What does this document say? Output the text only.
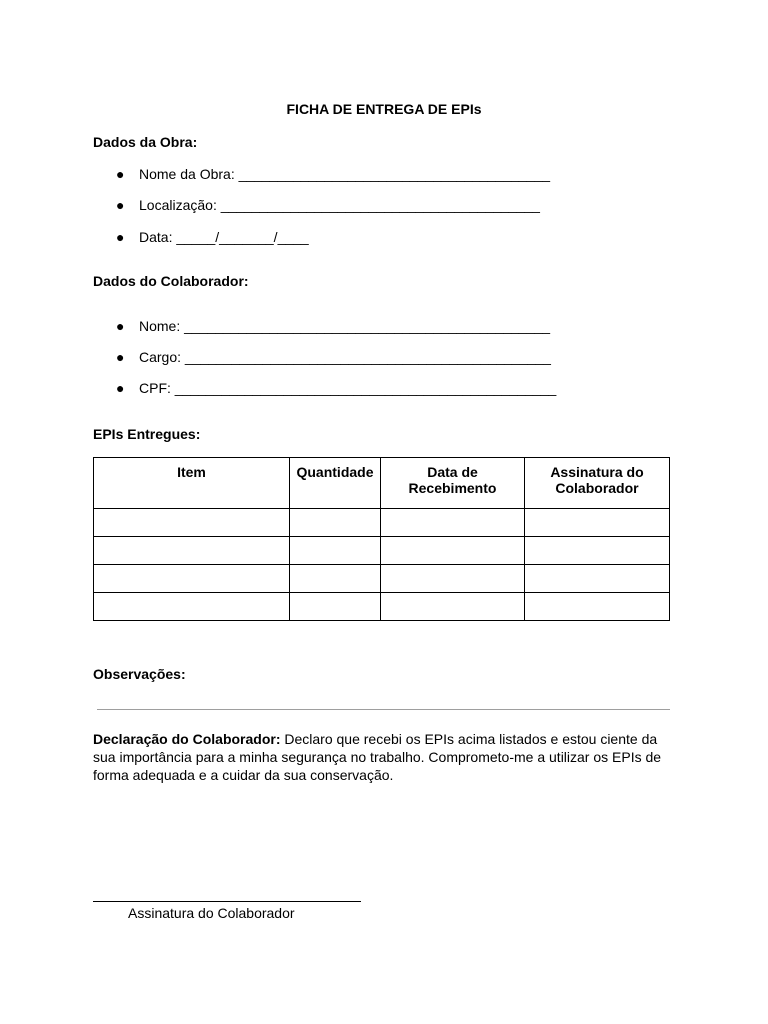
FICHA DE ENTREGA DE EPIs
Dados da Obra:
● Nome da Obra: ________________________________________
● Localização: _________________________________________
● Data: _____/_______/____
Dados do Colaborador:
● Nome: _______________________________________________
● Cargo: _______________________________________________
● CPF: _________________________________________________
EPIs Entregues:
Item	Quantidade	Data de Recebimento	Assinatura do Colaborador

Observações:
Declaração do Colaborador: Declaro que recebi os EPIs acima listados e estou ciente da sua importância para a minha segurança no trabalho. Comprometo-me a utilizar os EPIs de forma adequada e a cuidar da sua conservação.
Assinatura do Colaborador
